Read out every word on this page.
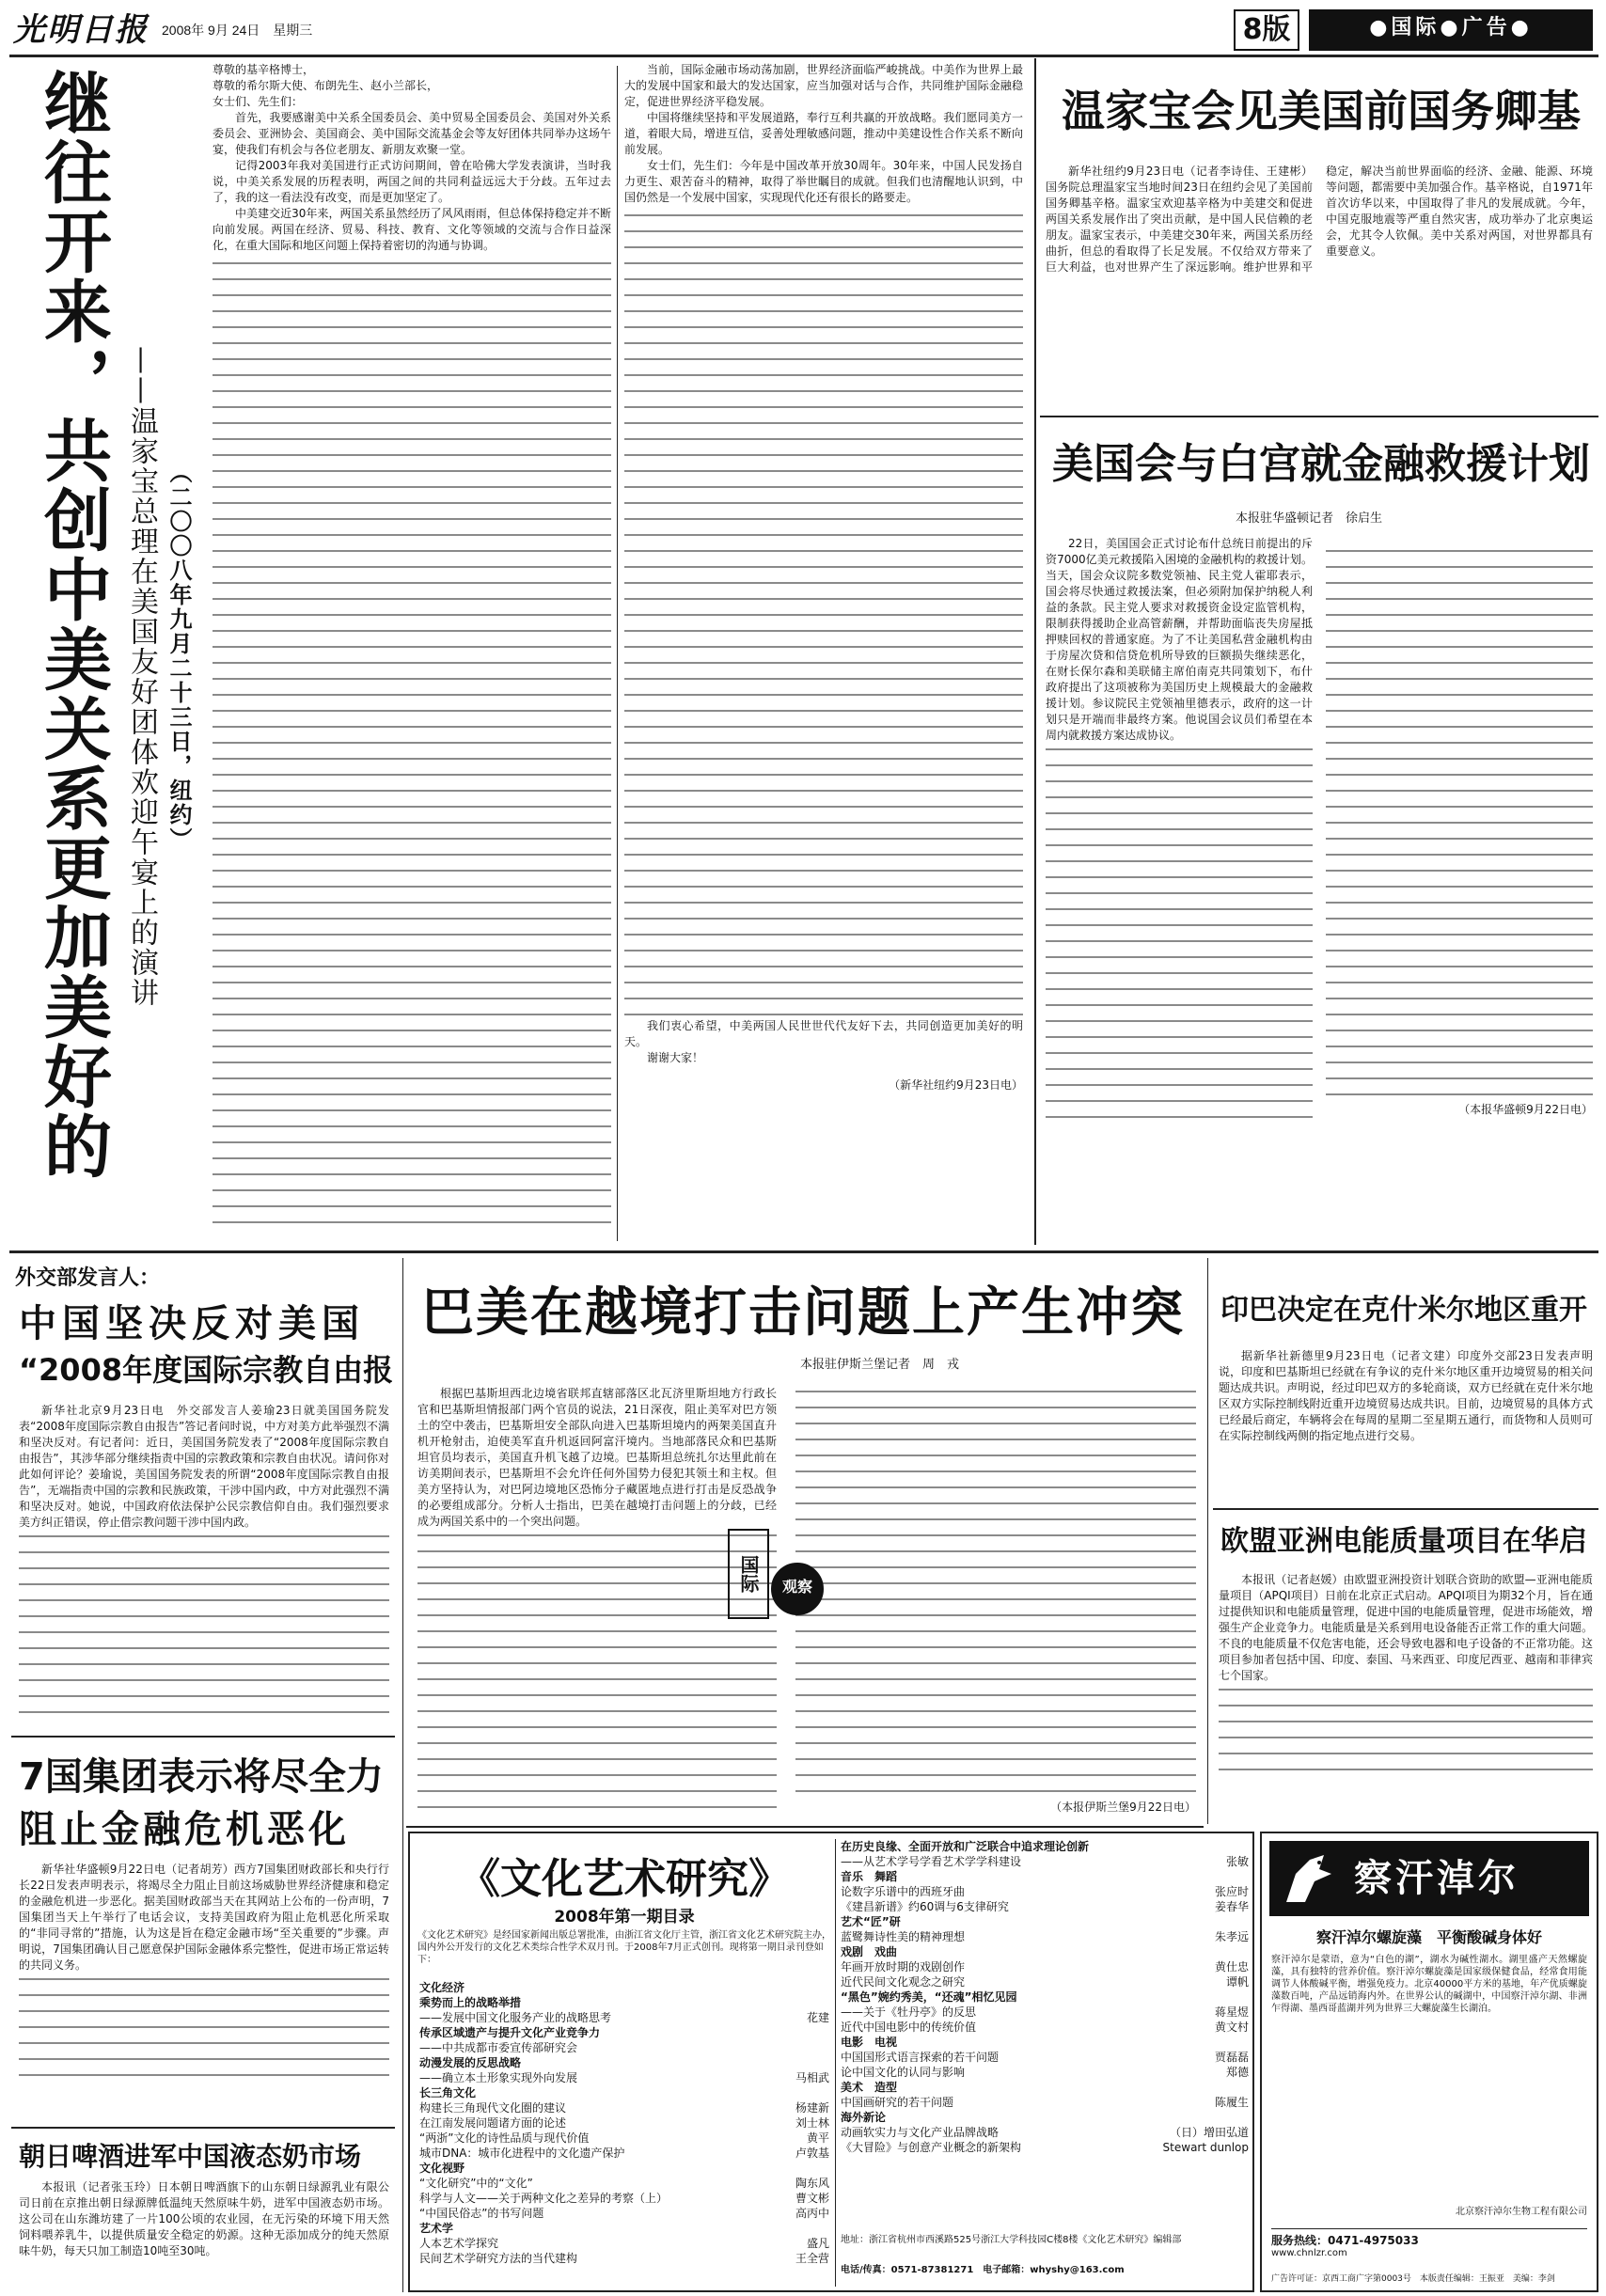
光明日报	2008年 9月 24日　星期三	8版	●国际●广告●
继往开来，共创中美关系更加美好的
——温家宝总理在美国友好团体欢迎午宴上的演讲 （二〇〇八年九月二十三日，纽约）
尊敬的基辛格博士，
尊敬的希尔斯大使、布朗先生、赵小兰部长，
女士们、先生们：

首先，我要感谢美中关系全国委员会、美中贸易全国委员会、美国对外关系委员会、亚洲协会、美国商会、美中国际交流基金会等友好团体共同举办这场午宴，使我们有机会与各位老朋友、新朋友欢聚一堂。

记得2003年我对美国进行正式访问期间，曾在哈佛大学发表演讲，当时我说，中美关系发展的历程表明，两国之间的共同利益远远大于分歧。五年过去了，我的这一看法没有改变，而是更加坚定了。

中美建交近30年来，两国关系虽然经历了风风雨雨，但总体保持稳定并不断向前发展。两国在经济、贸易、科技、教育、文化等领域的交流与合作日益深化，在重大国际和地区问题上保持着密切的沟通与协调。

当前，国际金融市场动荡加剧，世界经济面临严峻挑战。中美作为世界上最大的发展中国家和最大的发达国家，应当加强对话与合作，共同维护国际金融稳定，促进世界经济平稳发展。

中国将继续坚持和平发展道路，奉行互利共赢的开放战略。我们愿同美方一道，着眼大局，增进互信，妥善处理敏感问题，推动中美建设性合作关系不断向前发展。

女士们，先生们：今年是中国改革开放30周年。30年来，中国人民发扬自力更生、艰苦奋斗的精神，取得了举世瞩目的成就。但我们也清醒地认识到，中国仍然是一个发展中国家，实现现代化还有很长的路要走。

我们衷心希望，中美两国人民世世代代友好下去，共同创造更加美好的明天。

谢谢大家！
（新华社纽约9月23日电）
温家宝会见美国前国务卿基

新华社纽约9月23日电（记者李诗佳、王建彬）国务院总理温家宝当地时间23日在纽约会见了美国前国务卿基辛格。温家宝欢迎基辛格为中美建交和促进两国关系发展作出了突出贡献，是中国人民信赖的老朋友。温家宝表示，中美建交30年来，两国关系历经曲折，但总的看取得了长足发展。不仅给双方带来了巨大利益，也对世界产生了深远影响。维护世界和平稳定，解决当前世界面临的经济、金融、能源、环境等问题，都需要中美加强合作。基辛格说，自1971年首次访华以来，中国取得了非凡的发展成就。今年，中国克服地震等严重自然灾害，成功举办了北京奥运会，尤其令人钦佩。美中关系对两国，对世界都具有重要意义。

美国会与白宫就金融救援计划
本报驻华盛顿记者　徐启生

22日，美国国会正式讨论布什总统日前提出的斥资7000亿美元救援陷入困境的金融机构的救援计划。当天，国会众议院多数党领袖、民主党人霍耶表示，国会将尽快通过救援法案，但必须附加保护纳税人利益的条款。民主党人要求对救援资金设定监管机构，限制获得援助企业高管薪酬，并帮助面临丧失房屋抵押赎回权的普通家庭。为了不让美国私营金融机构由于房屋次贷和信贷危机所导致的巨额损失继续恶化，在财长保尔森和美联储主席伯南克共同策划下，布什政府提出了这项被称为美国历史上规模最大的金融救援计划。参议院民主党领袖里德表示，政府的这一计划只是开端而非最终方案。他说国会议员们希望在本周内就救援方案达成协议。

（本报华盛顿9月22日电）
外交部发言人：
中国坚决反对美国
“2008年度国际宗教自由报

新华社北京9月23日电　外交部发言人姜瑜23日就美国国务院发表“2008年度国际宗教自由报告”答记者问时说，中方对美方此举强烈不满和坚决反对。有记者问：近日，美国国务院发表了“2008年度国际宗教自由报告”，其涉华部分继续指责中国的宗教政策和宗教自由状况。请问你对此如何评论？姜瑜说，美国国务院发表的所谓“2008年度国际宗教自由报告”，无端指责中国的宗教和民族政策，干涉中国内政，中方对此强烈不满和坚决反对。她说，中国政府依法保护公民宗教信仰自由。我们强烈要求美方纠正错误，停止借宗教问题干涉中国内政。

7国集团表示将尽全力
阻止金融危机恶化

新华社华盛顿9月22日电（记者胡芳）西方7国集团财政部长和央行行长22日发表声明表示，将竭尽全力阻止目前这场威胁世界经济健康和稳定的金融危机进一步恶化。据美国财政部当天在其网站上公布的一份声明，7国集团当天上午举行了电话会议，支持美国政府为阻止危机恶化所采取的“非同寻常的”措施，认为这是旨在稳定金融市场“至关重要的”步骤。声明说，7国集团确认目己愿意保护国际金融体系完整性，促进市场正常运转的共同义务。

朝日啤酒进军中国液态奶市场

本报讯（记者张玉玲）日本朝日啤酒旗下的山东朝日绿源乳业有限公司日前在京推出朝日绿源牌低温纯天然原味牛奶，进军中国液态奶市场。这公司在山东潍坊建了一片100公顷的农业园，在无污染的环境下用天然饲料喂养乳牛，以提供质量安全稳定的奶源。这种无添加成分的纯天然原味牛奶，每天只加工制造10吨至30吨。

巴美在越境打击问题上产生冲突
本报驻伊斯兰堡记者　周　戎

根据巴基斯坦西北边境省联邦直辖部落区北瓦济里斯坦地方行政长官和巴基斯坦情报部门两个官员的说法，21日深夜，阻止美军对巴方领土的空中袭击，巴基斯坦安全部队向进入巴基斯坦境内的两架美国直升机开枪射击，迫使美军直升机返回阿富汗境内。当地部落民众和巴基斯坦官员均表示，美国直升机飞越了边境。巴基斯坦总统扎尔达里此前在访美期间表示，巴基斯坦不会允许任何外国势力侵犯其领土和主权。但美方坚持认为，对巴阿边境地区恐怖分子藏匿地点进行打击是反恐战争的必要组成部分。分析人士指出，巴美在越境打击问题上的分歧，已经成为两国关系中的一个突出问题。

（本报伊斯兰堡9月22日电）
国际	观察
印巴决定在克什米尔地区重开

据新华社新德里9月23日电（记者文建）印度外交部23日发表声明说，印度和巴基斯坦已经就在有争议的克什米尔地区重开边境贸易的相关问题达成共识。声明说，经过印巴双方的多轮商谈，双方已经就在克什米尔地区双方实际控制线附近重开边境贸易达成共识。目前，边境贸易的具体方式已经最后商定，车辆将会在每周的星期二至星期五通行，而货物和人员则可在实际控制线两侧的指定地点进行交易。

欧盟亚洲电能质量项目在华启

本报讯（记者赵媛）由欧盟亚洲投资计划联合资助的欧盟—亚洲电能质量项目（APQI项目）日前在北京正式启动。APQI项目为期32个月，旨在通过提供知识和电能质量管理，促进中国的电能质量管理，促进市场能效，增强生产企业竞争力。电能质量是关系到用电设备能否正常工作的重大问题。不良的电能质量不仅危害电能，还会导致电器和电子设备的不正常功能。这项目参加者包括中国、印度、泰国、马来西亚、印度尼西亚、越南和菲律宾七个国家。

《文化艺术研究》
2008年第一期目录
《文化艺术研究》是经国家新闻出版总署批准，由浙江省文化厅主管，浙江省文化艺术研究院主办，国内外公开发行的文化艺术类综合性学术双月刊。于2008年7月正式创刊。现将第一期目录刊登如下：
文化经济
乘势而上的战略举措
——发展中国文化服务产业的战略思考	花建
传承区域遗产与提升文化产业竞争力
——中共成都市委宣传部研究会
动漫发展的反思战略
——确立本土形象实现外向发展	马相武
长三角文化
构建长三角现代文化圈的建议	杨建新
在江南发展问题诸方面的论述	刘士林
“两浙”文化的诗性品质与现代价值	黄平
城市DNA：城市化进程中的文化遗产保护	卢敦基
文化视野
“文化研究”中的“文化”	陶东风
科学与人文——关于两种文化之差异的考察（上）	曹文彬
“中国民俗志”的书写问题	高丙中
艺术学
人本艺术学探究	盛凡
民间艺术学研究方法的当代建构	王全营
在历史良缘、全面开放和广泛联合中追求理论创新
——从艺术学号学看艺术学学科建设	张敏
音乐　舞蹈
论数字乐谱中的西班牙曲	张应时
《建昌新谱》约60调与6支律研究	姜春华
艺术“匠”研
蓝鹭舞诗性美的精神理想	朱孝远
戏剧　戏曲
年画开放时期的戏剧创作	黄仕忠
近代民间文化观念之研究	谭帆
“黑色”婉约秀美，“还魂”相忆见园
——关于《牡丹亭》的反思	蒋星煜
近代中国电影中的传统价值	黄文村
电影　电视
中国国形式语言探索的若干问题	贾磊磊
论中国文化的认同与影响	郑德
美术　造型
中国画研究的若干问题	陈履生
海外新论
动画软实力与文化产业品牌战略	（日）增田弘道
《大冒险》与创意产业概念的新架构	Stewart dunlop
地址：浙江省杭州市西溪路525号浙江大学科技园C楼8楼《文化艺术研究》编辑部
电话/传真：0571-87381271　电子邮箱：whyshy@163.com
察汗淖尔
察汗淖尔螺旋藻　平衡酸碱身体好
察汗淖尔是蒙语，意为“白色的湖”，湖水为碱性湖水。湖里盛产天然螺旋藻，具有独特的营养价值。察汗淖尔螺旋藻是国家级保健食品，经常食用能调节人体酸碱平衡，增强免疫力。北京40000平方米的基地，年产优质螺旋藻数百吨，产品远销海内外。在世界公认的碱湖中，中国察汗淖尔湖、非洲乍得湖、墨西哥蓝湖并列为世界三大螺旋藻生长湖泊。
北京察汗淖尔生物工程有限公司
服务热线：0471-4975033
www.chnlzr.com
广告许可证：京西工商广字第0003号　本版责任编辑：王振亚　美编：李剑
